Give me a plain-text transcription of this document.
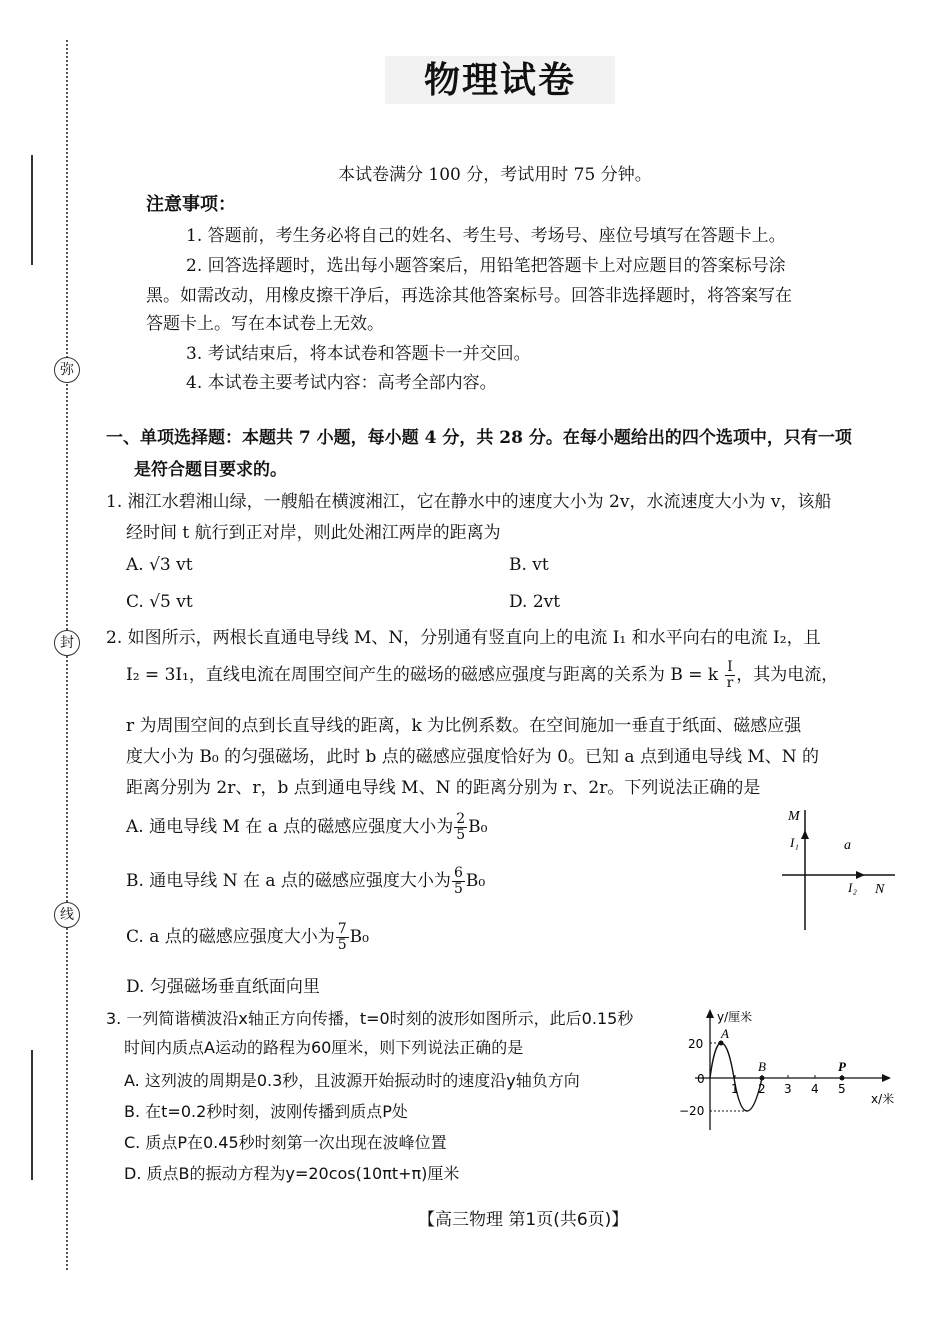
弥
封
线
物理试卷
本试卷满分 100 分，考试用时 75 分钟。
注意事项：
1. 答题前，考生务必将自己的姓名、考生号、考场号、座位号填写在答题卡上。
2. 回答选择题时，选出每小题答案后，用铅笔把答题卡上对应题目的答案标号涂
黑。如需改动，用橡皮擦干净后，再选涂其他答案标号。回答非选择题时，将答案写在
答题卡上。写在本试卷上无效。
3. 考试结束后，将本试卷和答题卡一并交回。
4. 本试卷主要考试内容：高考全部内容。
一、单项选择题：本题共 7 小题，每小题 4 分，共 28 分。在每小题给出的四个选项中，只有一项
是符合题目要求的。
1. 湘江水碧湘山绿，一艘船在横渡湘江，它在静水中的速度大小为 2v，水流速度大小为 v，该船
经时间 t 航行到正对岸，则此处湘江两岸的距离为
A. √3 vt	B. vt
C. √5 vt	D. 2vt
2. 如图所示，两根长直通电导线 M、N，分别通有竖直向上的电流 I₁ 和水平向右的电流 I₂，且
I₂ = 3I₁，直线电流在周围空间产生的磁场的磁感应强度与距离的关系为 B = k $\frac{I}{r}$ ，其为电流，
r 为周围空间的点到长直导线的距离，k 为比例系数。在空间施加一垂直于纸面、磁感应强
度大小为 B₀ 的匀强磁场，此时 b 点的磁感应强度恰好为 0。已知 a 点到通电导线 M、N 的
距离分别为 2r、r，b 点到通电导线 M、N 的距离分别为 r、2r。下列说法正确的是
A. 通电导线 M 在 a 点的磁感应强度大小为 $\frac{2}{5} B_0$
B. 通电导线 N 在 a 点的磁感应强度大小为 $\frac{6}{5} B_0$
C. a 点的磁感应强度大小为 $\frac{7}{5} B_0$
D. 匀强磁场垂直纸面向里
M
I₁	a
I₂ N
3. 一列简谐横波沿x轴正方向传播，t=0时刻的波形如图所示，此后0.15秒
时间内质点A运动的路程为60厘米，则下列说法正确的是
A. 这列波的周期是0.3秒，且波源开始振动时的速度沿y轴负方向
B. 在t=0.2秒时刻，波刚传播到质点P处
C. 质点P在0.45秒时刻第一次出现在波峰位置
D. 质点B的振动方程为y=20cos(10πt+π)厘米
y/厘米
x/米
20
0
−20
1 2 3 4 5
A
B	P
【高三物理 第1页(共6页)】
